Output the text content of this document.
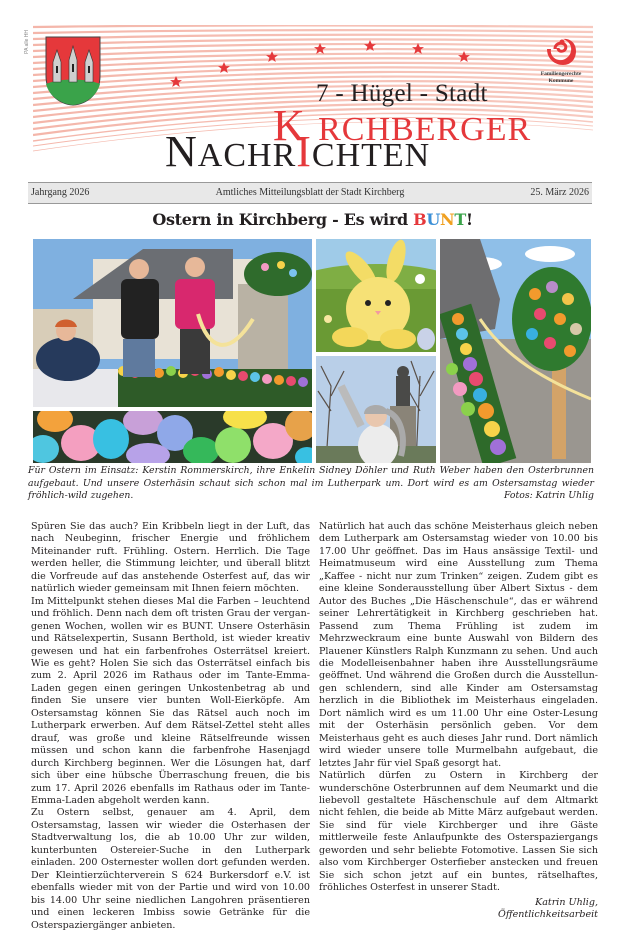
PA alle HH
Familiengerechte
Kommune
7 - Hügel - Stadt
K RCHBERGER
NACHRICHTEN
Jahrgang 2026	Amtliches Mitteilungsblatt der Stadt Kirchberg	25. März 2026
Ostern in Kirchberg - Es wird BUNT!
Für Ostern im Einsatz: Kerstin Rommerskirch, ihre Enkelin Sidney Döhler und Ruth Weber haben den Osterbrunnen aufgebaut. Und unsere Osterhäsin schaut sich schon mal im Lutherpark um. Dort wird es am Ostersamstag wieder fröhlich-wild zugehen.	Fotos: Katrin Uhlig

Spüren Sie das auch? Ein Kribbeln liegt in der Luft, das nach Neubeginn, frischer Energie und fröhlichem Miteinander ruft. Frühling. Ostern. Herrlich. Die Tage werden heller, die Stimmung leichter, und überall blitzt die Vorfreude auf das anstehende Osterfest auf, das wir natürlich wieder gemeinsam mit Ihnen feiern möchten.

Im Mittelpunkt stehen dieses Mal die Farben – leuchtend und fröhlich. Denn nach dem oft tristen Grau der vergangenen Wochen, wollen wir es BUNT. Unsere Osterhäsin und Rätselexpertin, Susann Berthold, ist wieder kreativ gewesen und hat ein farbenfrohes Osterrätsel kreiert. Wie es geht? Holen Sie sich das Osterrätsel einfach bis zum 2. April 2026 im Rathaus oder im Tante-Emma-Laden gegen einen geringen Unkostenbetrag ab und finden Sie unsere vier bunten Woll-Eierköpfe. Am Ostersamstag können Sie das Rätsel auch noch im Lutherpark erwerben. Auf dem Rätsel-Zettel steht alles drauf, was große und kleine Rätselfreunde wissen müssen und schon kann die farbenfrohe Hasenjagd durch Kirchberg beginnen. Wer die Lösungen hat, darf sich über eine hübsche Überraschung freuen, die bis zum 17. April 2026 ebenfalls im Rathaus oder im Tante-Emma-Laden abgeholt werden kann.

Zu Ostern selbst, genauer am 4. April, dem Ostersamstag, lassen wir wieder die Osterhasen der Stadtverwaltung los, die ab 10.00 Uhr zur wilden, kunterbunten Ostereier-Suche in den Lutherpark einladen. 200 Osternester wollen dort gefunden werden. Der Kleintierzüchterverein S 624 Burkersdorf e.V. ist ebenfalls wieder mit von der Partie und wird von 10.00 bis 14.00 Uhr seine niedlichen Langohren präsentieren und einen leckeren Imbiss sowie Getränke für die Osterspaziergänger anbieten.

Natürlich hat auch das schöne Meisterhaus gleich neben dem Lutherpark am Ostersamstag wieder von 10.00 bis 17.00 Uhr geöffnet. Das im Haus ansässige Textil- und Heimatmuseum wird eine Ausstellung zum Thema „Kaffee - nicht nur zum Trinken“ zeigen. Zudem gibt es eine kleine Sonderausstellung über Albert Sixtus - dem Autor des Buches „Die Häschenschule“, das er während seiner Lehrertätigkeit in Kirchberg geschrieben hat. Passend zum Thema Frühling ist zudem im Mehrzweckraum eine bunte Auswahl von Bildern des Plauener Künstlers Ralph Kunzmann zu sehen. Und auch die Modelleisenbahner haben ihre Ausstellungsräume geöffnet. Und während die Großen durch die Ausstellungen schlendern, sind alle Kinder am Ostersamstag herzlich in die Bibliothek im Meisterhaus eingeladen. Dort nämlich wird es um 11.00 Uhr eine Oster-Lesung mit der Osterhäsin persönlich geben. Vor dem Meisterhaus geht es auch dieses Jahr rund. Dort nämlich wird wieder unsere tolle Murmelbahn aufgebaut, die letztes Jahr für viel Spaß gesorgt hat.

Natürlich dürfen zu Ostern in Kirchberg der wunderschöne Osterbrunnen auf dem Neumarkt und die liebevoll gestaltete Häschenschule auf dem Altmarkt nicht fehlen, die beide ab Mitte März aufgebaut werden. Sie sind für viele Kirchberger und ihre Gäste mittlerweile feste Anlaufpunkte des Osterspaziergangs geworden und sehr beliebte Fotomotive. Lassen Sie sich also vom Kirchberger Osterfieber anstecken und freuen Sie sich schon jetzt auf ein buntes, rätselhaftes, fröhliches Osterfest in unserer Stadt.

Katrin Uhlig,
Öffentlichkeitsarbeit
